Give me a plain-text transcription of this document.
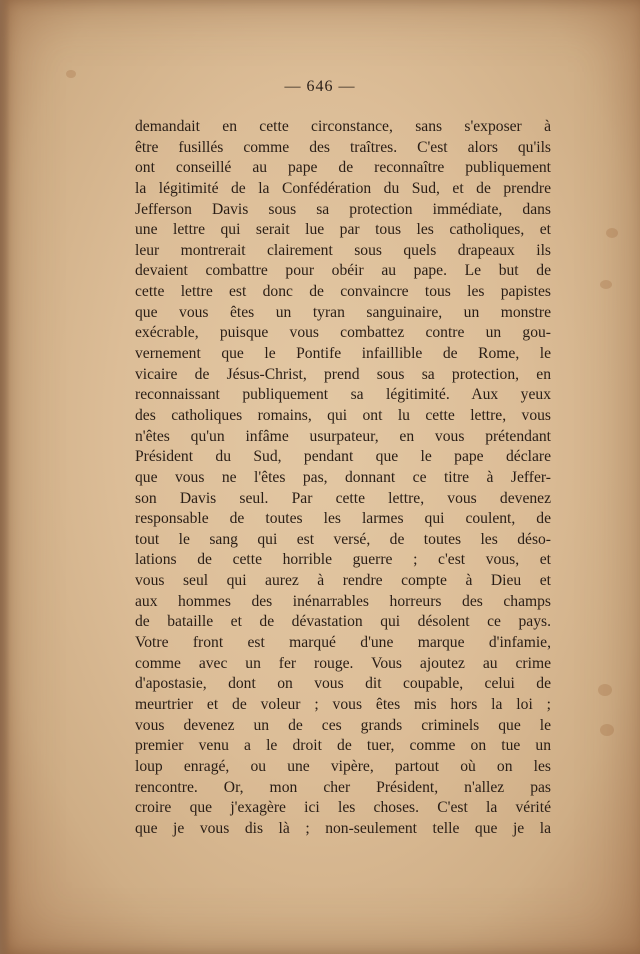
— 646 —
demandait en cette circonstance, sans s'exposer à
être fusillés comme des traîtres. C'est alors qu'ils
ont conseillé au pape de reconnaître publiquement
la légitimité de la Confédération du Sud, et de prendre
Jefferson Davis sous sa protection immédiate, dans
une lettre qui serait lue par tous les catholiques, et
leur montrerait clairement sous quels drapeaux ils
devaient combattre pour obéir au pape. Le but de
cette lettre est donc de convaincre tous les papistes
que vous êtes un tyran sanguinaire, un monstre
exécrable, puisque vous combattez contre un gou-
vernement que le Pontife infaillible de Rome, le
vicaire de Jésus-Christ, prend sous sa protection, en
reconnaissant publiquement sa légitimité. Aux yeux
des catholiques romains, qui ont lu cette lettre, vous
n'êtes qu'un infâme usurpateur, en vous prétendant
Président du Sud, pendant que le pape déclare
que vous ne l'êtes pas, donnant ce titre à Jeffer-
son Davis seul. Par cette lettre, vous devenez
responsable de toutes les larmes qui coulent, de
tout le sang qui est versé, de toutes les déso-
lations de cette horrible guerre ; c'est vous, et
vous seul qui aurez à rendre compte à Dieu et
aux hommes des inénarrables horreurs des champs
de bataille et de dévastation qui désolent ce pays.
Votre front est marqué d'une marque d'infamie,
comme avec un fer rouge. Vous ajoutez au crime
d'apostasie, dont on vous dit coupable, celui de
meurtrier et de voleur ; vous êtes mis hors la loi ;
vous devenez un de ces grands criminels que le
premier venu a le droit de tuer, comme on tue un
loup enragé, ou une vipère, partout où on les
rencontre. Or, mon cher Président, n'allez pas
croire que j'exagère ici les choses. C'est la vérité
que je vous dis là ; non-seulement telle que je la
